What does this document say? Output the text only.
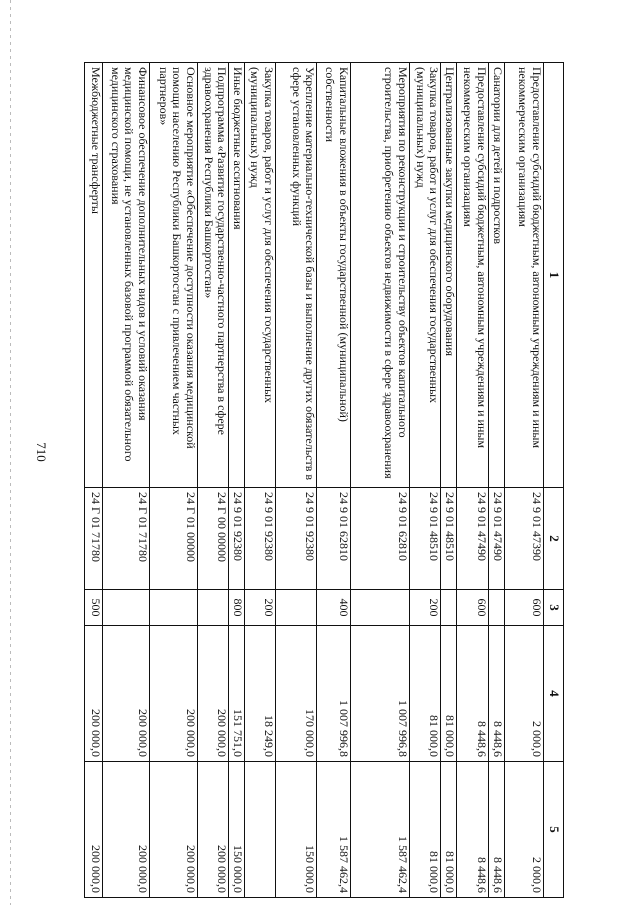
710
1	2	3	4	5
Предоставление субсидий бюджетным, автономным учреждениям и иным некоммерческим организациям	24 9 01 47390	600	2 000,0	2 000,0
Санатории для детей и подростков	24 9 01 47490		8 448,6	8 448,6
Предоставление субсидий бюджетным, автономным учреждениям и иным некоммерческим организациям	24 9 01 47490	600	8 448,6	8 448,6
Централизованные закупки медицинского оборудования	24 9 01 48510		81 000,0	81 000,0
Закупка товаров, работ и услуг для обеспечения государственных (муниципальных) нужд	24 9 01 48510	200	81 000,0	81 000,0
Мероприятия по реконструкции и строительству объектов капитального строительства, приобретению объектов недвижимости в сфере здравоохранения	24 9 01 62810		1 007 996,8	1 587 462,4
Капитальные вложения в объекты государственной (муниципальной) собственности	24 9 01 62810	400	1 007 996,8	1 587 462,4
Укрепление материально-технической базы и выполнение других обязательств в сфере установленных функций	24 9 01 92380		170 000,0	150 000,0
Закупка товаров, работ и услуг для обеспечения государственных (муниципальных) нужд	24 9 01 92380	200	18 249,0	
Иные бюджетные ассигнования	24 9 01 92380	800	151 751,0	150 000,0
Подпрограмма «Развитие государственно-частного партнерства в сфере здравоохранения Республики Башкортостан»	24 Г 00 00000		200 000,0	200 000,0
Основное мероприятие «Обеспечение доступности оказания медицинской помощи населению Республики Башкортостан с привлечением частных партнеров»	24 Г 01 00000		200 000,0	200 000,0
Финансовое обеспечение дополнительных видов и условий оказания медицинской помощи, не установленных базовой программой обязательного медицинского страхования	24 Г 01 71780		200 000,0	200 000,0
Межбюджетные трансферты	24 Г 01 71780	500	200 000,0	200 000,0
